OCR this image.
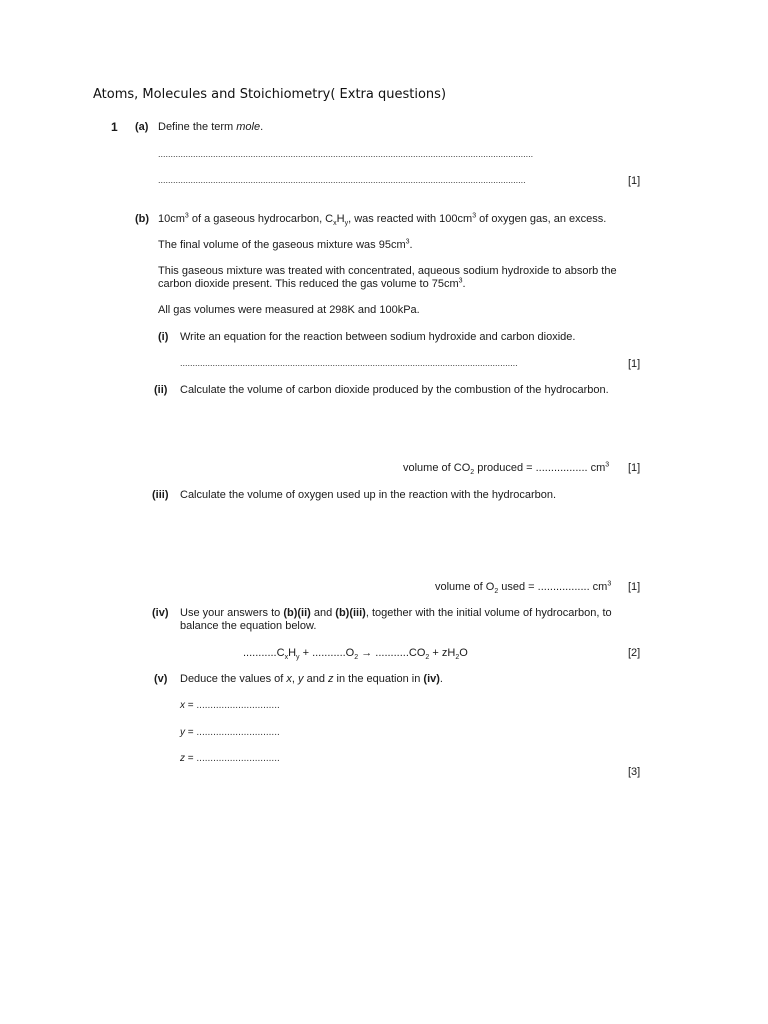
Atoms, Molecules and Stoichiometry( Extra questions)
1 (a) Define the term mole.
......................................................................................................................................................
...................................................................................................................................................	[1]
(b) $10cm^3$ of a gaseous hydrocarbon, $C_xH_y$, was reacted with $100cm^3$ of oxygen gas, an excess.
The final volume of the gaseous mixture was $95cm^3$.
This gaseous mixture was treated with concentrated, aqueous sodium hydroxide to absorb the
carbon dioxide present. This reduced the gas volume to $75cm^3$.
All gas volumes were measured at 298K and 100kPa.
(i) Write an equation for the reaction between sodium hydroxide and carbon dioxide.
.......................................................................................................................................	[1]
(ii) Calculate the volume of carbon dioxide produced by the combustion of the hydrocarbon.
volume of $CO_2$ produced = ................. $cm^3$ [1]
(iii) Calculate the volume of oxygen used up in the reaction with the hydrocarbon.
volume of $O_2$ used = ................. $cm^3$ [1]
(iv) Use your answers to (b)(ii) and (b)(iii), together with the initial volume of hydrocarbon, to
balance the equation below.
$...........C_xH_y + ...........O_2 \to ...........CO_2 + zH_2O$	[2]
(v) Deduce the values of x, y and z in the equation in (iv).
x = ..............................
y = ..............................
z = ..............................
[3]
